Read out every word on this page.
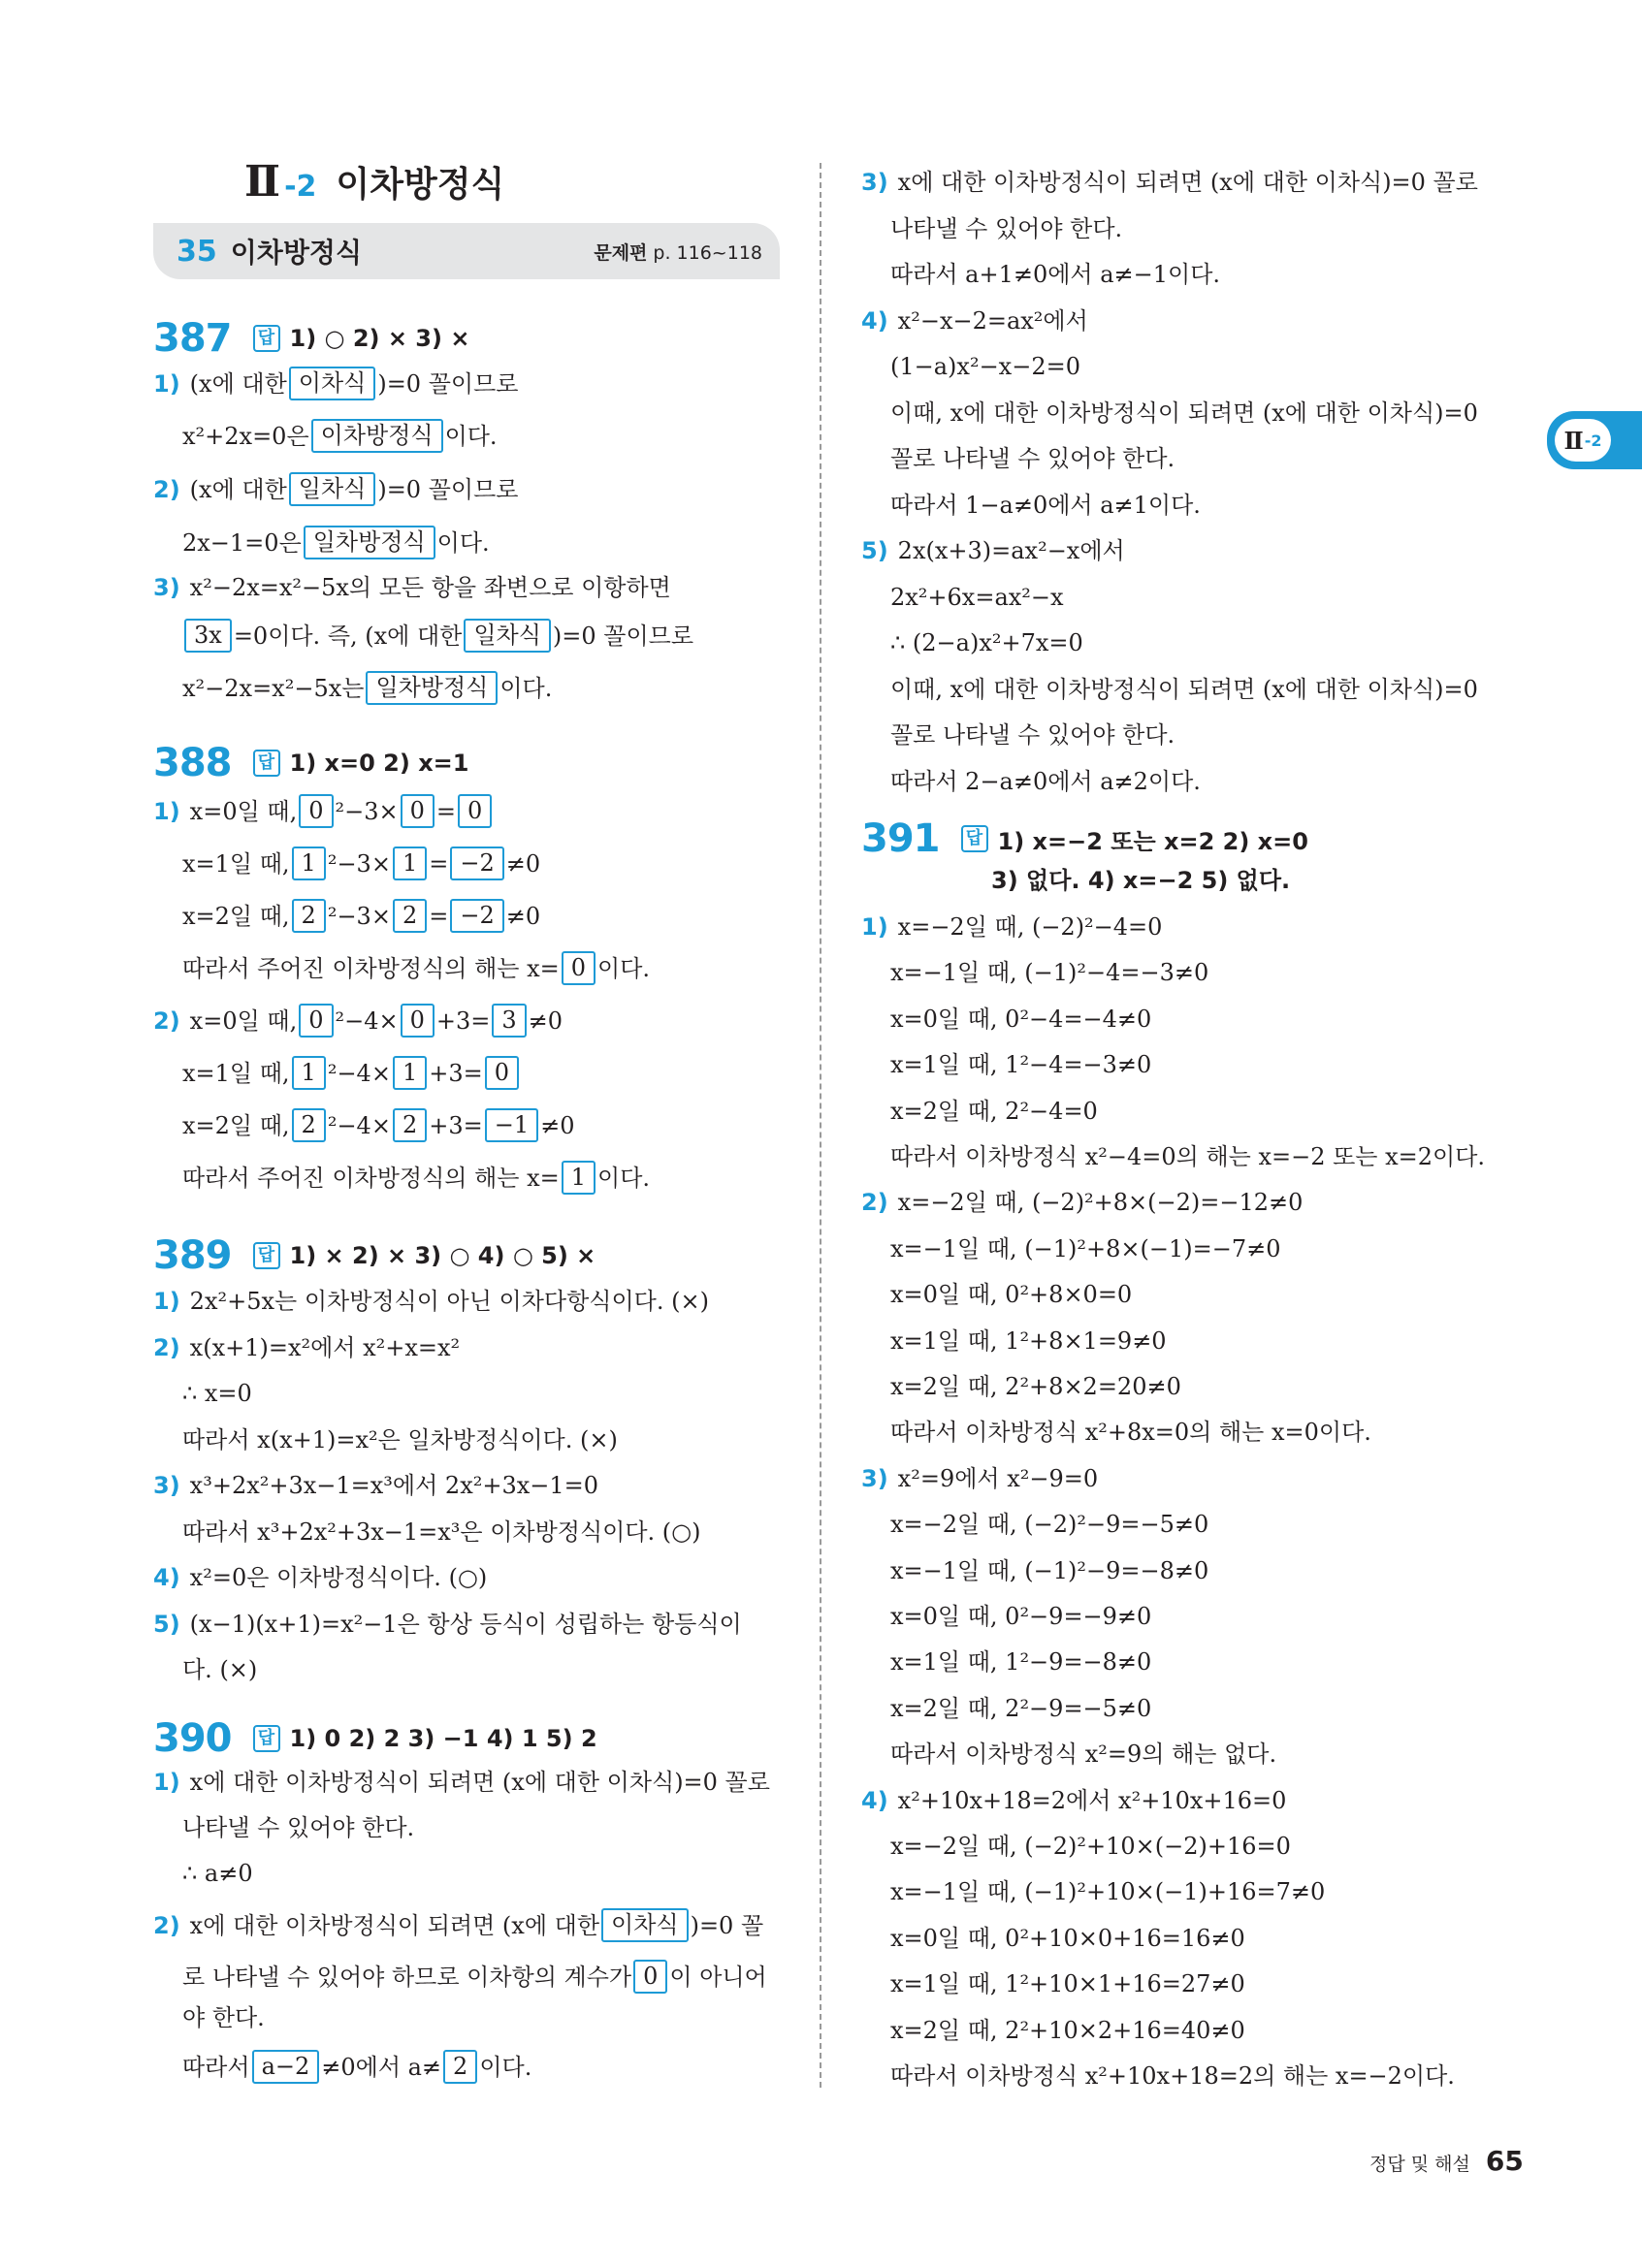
Ⅱ -2 이차방정식
35 이차방정식	문제편 p. 116~118
387 답 1) ○ 2) × 3) ×
1) (x에 대한 이차식 )=0 꼴이므로
x²+2x=0은 이차방정식 이다.
2) (x에 대한 일차식 )=0 꼴이므로
2x−1=0은 일차방정식 이다.
3) x²−2x=x²−5x의 모든 항을 좌변으로 이항하면
3x =0이다. 즉, (x에 대한 일차식 )=0 꼴이므로
x²−2x=x²−5x는 일차방정식 이다.
388 답 1) x=0 2) x=1
1) x=0일 때, 0 ²−3× 0 = 0
x=1일 때, 1 ²−3× 1 = −2 ≠0
x=2일 때, 2 ²−3× 2 = −2 ≠0
따라서 주어진 이차방정식의 해는 x= 0 이다.
2) x=0일 때, 0 ²−4× 0 +3= 3 ≠0
x=1일 때, 1 ²−4× 1 +3= 0
x=2일 때, 2 ²−4× 2 +3= −1 ≠0
따라서 주어진 이차방정식의 해는 x= 1 이다.
389 답 1) × 2) × 3) ○ 4) ○ 5) ×
1) 2x²+5x는 이차방정식이 아닌 이차다항식이다. (×)
2) x(x+1)=x²에서 x²+x=x²
∴ x=0
따라서 x(x+1)=x²은 일차방정식이다. (×)
3) x³+2x²+3x−1=x³에서 2x²+3x−1=0
따라서 x³+2x²+3x−1=x³은 이차방정식이다. (○)
4) x²=0은 이차방정식이다. (○)
5) (x−1)(x+1)=x²−1은 항상 등식이 성립하는 항등식이
다. (×)
390 답 1) 0 2) 2 3) −1 4) 1 5) 2
1) x에 대한 이차방정식이 되려면 (x에 대한 이차식)=0 꼴로
나타낼 수 있어야 한다.
∴ a≠0
2) x에 대한 이차방정식이 되려면 (x에 대한 이차식 )=0 꼴
로 나타낼 수 있어야 하므로 이차항의 계수가 0 이 아니어
야 한다.
따라서 a−2 ≠0에서 a≠ 2 이다.
3) x에 대한 이차방정식이 되려면 (x에 대한 이차식)=0 꼴로
나타낼 수 있어야 한다.
따라서 a+1≠0에서 a≠−1이다.
4) x²−x−2=ax²에서
(1−a)x²−x−2=0
이때, x에 대한 이차방정식이 되려면 (x에 대한 이차식)=0
꼴로 나타낼 수 있어야 한다.
따라서 1−a≠0에서 a≠1이다.
5) 2x(x+3)=ax²−x에서
2x²+6x=ax²−x
∴ (2−a)x²+7x=0
이때, x에 대한 이차방정식이 되려면 (x에 대한 이차식)=0
꼴로 나타낼 수 있어야 한다.
따라서 2−a≠0에서 a≠2이다.
391 답 1) x=−2 또는 x=2 2) x=0
3) 없다. 4) x=−2 5) 없다.
1) x=−2일 때, (−2)²−4=0
x=−1일 때, (−1)²−4=−3≠0
x=0일 때, 0²−4=−4≠0
x=1일 때, 1²−4=−3≠0
x=2일 때, 2²−4=0
따라서 이차방정식 x²−4=0의 해는 x=−2 또는 x=2이다.
2) x=−2일 때, (−2)²+8×(−2)=−12≠0
x=−1일 때, (−1)²+8×(−1)=−7≠0
x=0일 때, 0²+8×0=0
x=1일 때, 1²+8×1=9≠0
x=2일 때, 2²+8×2=20≠0
따라서 이차방정식 x²+8x=0의 해는 x=0이다.
3) x²=9에서 x²−9=0
x=−2일 때, (−2)²−9=−5≠0
x=−1일 때, (−1)²−9=−8≠0
x=0일 때, 0²−9=−9≠0
x=1일 때, 1²−9=−8≠0
x=2일 때, 2²−9=−5≠0
따라서 이차방정식 x²=9의 해는 없다.
4) x²+10x+18=2에서 x²+10x+16=0
x=−2일 때, (−2)²+10×(−2)+16=0
x=−1일 때, (−1)²+10×(−1)+16=7≠0
x=0일 때, 0²+10×0+16=16≠0
x=1일 때, 1²+10×1+16=27≠0
x=2일 때, 2²+10×2+16=40≠0
따라서 이차방정식 x²+10x+18=2의 해는 x=−2이다.
Ⅱ -2
정답 및 해설 65
